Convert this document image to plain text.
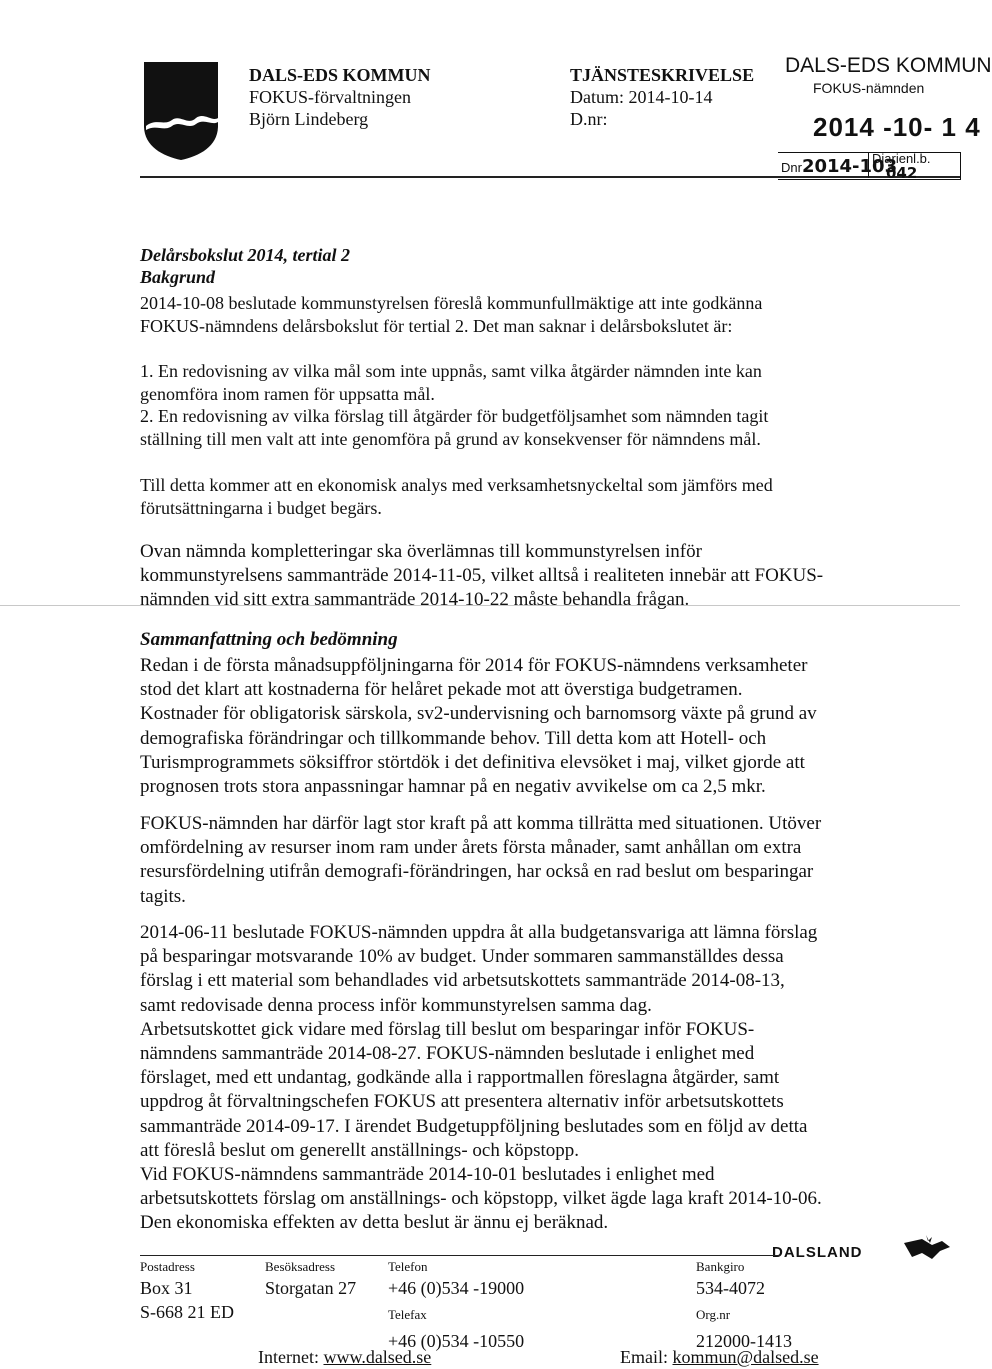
DALS-EDS KOMMUN
FOKUS-förvaltningen
Björn Lindeberg
TJÄNSTESKRIVELSE
Datum: 2014-10-14
D.nr:
DALS-EDS KOMMUN
FOKUS-nämnden
2014 -10- 1 4
Dnr2014-103
Diarienl.b.
042
Delårsbokslut 2014, tertial 2
Bakgrund
2014-10-08 beslutade kommunstyrelsen föreslå kommunfullmäktige att inte godkänna
FOKUS-nämndens delårsbokslut för tertial 2. Det man saknar i delårsbokslutet är:
1. En redovisning av vilka mål som inte uppnås, samt vilka åtgärder nämnden inte kan
genomföra inom ramen för uppsatta mål.
2. En redovisning av vilka förslag till åtgärder för budgetföljsamhet som nämnden tagit
ställning till men valt att inte genomföra på grund av konsekvenser för nämndens mål.
Till detta kommer att en ekonomisk analys med verksamhetsnyckeltal som jämförs med
förutsättningarna i budget begärs.
Ovan nämnda kompletteringar ska överlämnas till kommunstyrelsen inför
kommunstyrelsens sammanträde 2014-11-05, vilket alltså i realiteten innebär att FOKUS-
nämnden vid sitt extra sammanträde 2014-10-22 måste behandla frågan.
Sammanfattning och bedömning
Redan i de första månadsuppföljningarna för 2014 för FOKUS-nämndens verksamheter
stod det klart att kostnaderna för helåret pekade mot att överstiga budgetramen.
Kostnader för obligatorisk särskola, sv2-undervisning och barnomsorg växte på grund av
demografiska förändringar och tillkommande behov. Till detta kom att Hotell- och
Turismprogrammets söksiffror störtdök i det definitiva elevsöket i maj, vilket gjorde att
prognosen trots stora anpassningar hamnar på en negativ avvikelse om ca 2,5 mkr.
FOKUS-nämnden har därför lagt stor kraft på att komma tillrätta med situationen. Utöver
omfördelning av resurser inom ram under årets första månader, samt anhållan om extra
resursfördelning utifrån demografi-förändringen, har också en rad beslut om besparingar
tagits.
2014-06-11 beslutade FOKUS-nämnden uppdra åt alla budgetansvariga att lämna förslag
på besparingar motsvarande 10% av budget. Under sommaren sammanställdes dessa
förslag i ett material som behandlades vid arbetsutskottets sammanträde 2014-08-13,
samt redovisade denna process inför kommunstyrelsen samma dag.
Arbetsutskottet gick vidare med förslag till beslut om besparingar inför FOKUS-
nämndens sammanträde 2014-08-27. FOKUS-nämnden beslutade i enlighet med
förslaget, med ett undantag, godkände alla i rapportmallen föreslagna åtgärder, samt
uppdrog åt förvaltningschefen FOKUS att presentera alternativ inför arbetsutskottets
sammanträde 2014-09-17. I ärendet Budgetuppföljning beslutades som en följd av detta
att föreslå beslut om generellt anställnings- och köpstopp.
Vid FOKUS-nämndens sammanträde 2014-10-01 beslutades i enlighet med
arbetsutskottets förslag om anställnings- och köpstopp, vilket ägde laga kraft 2014-10-06.
Den ekonomiska effekten av detta beslut är ännu ej beräknad.
DALSLAND
Postadress
Box 31
S-668 21 ED
Besöksadress
Storgatan 27
Telefon
+46 (0)534 -19000
Telefax
+46 (0)534 -10550
Bankgiro
534-4072
Org.nr
212000-1413
Internet: www.dalsed.se	Email: kommun@dalsed.se
